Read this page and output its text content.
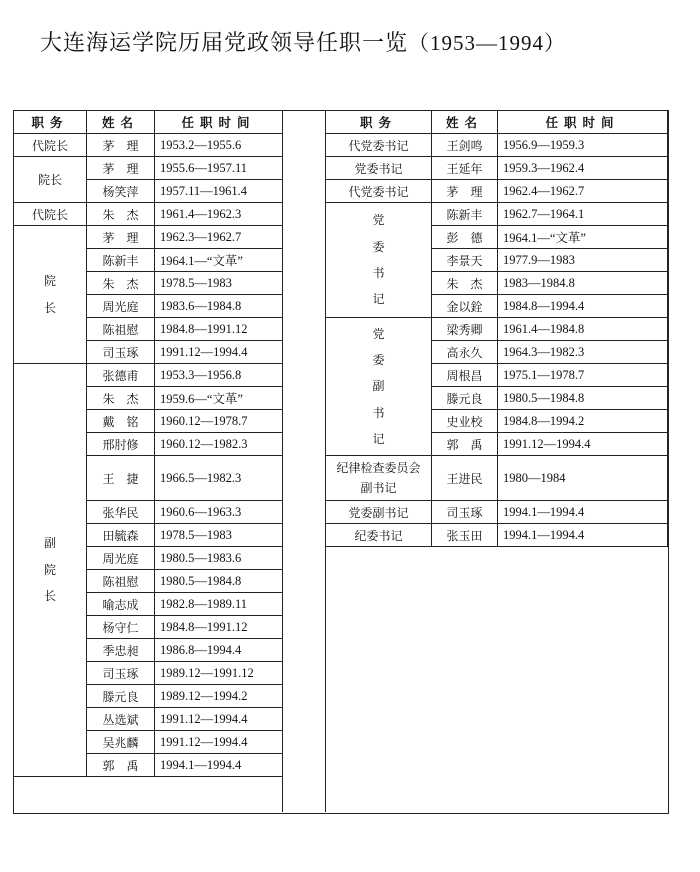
大连海运学院历届党政领导任职一览（1953—1994）
职务	姓名	任职时间
代院长	茅　理	1953.2—1955.6
院长	茅　理	1955.6—1957.11
	杨笑萍	1957.11—1961.4
代院长	朱　杰	1961.4—1962.3
院长	茅　理	1962.3—1962.7
	陈新丰	1964.1—“文革”
	朱　杰	1978.5—1983
	周光庭	1983.6—1984.8
	陈祖慰	1984.8—1991.12
	司玉琢	1991.12—1994.4
副院长	张德甫	1953.3—1956.8
	朱　杰	1959.6—“文革”
	戴　铭	1960.12—1978.7
	邢肘修	1960.12—1982.3
	王　捷	1966.5—1982.3
	张华民	1960.6—1963.3
	田毓森	1978.5—1983
	周光庭	1980.5—1983.6
	陈祖慰	1980.5—1984.8
	喻志成	1982.8—1989.11
	杨守仁	1984.8—1991.12
	季忠昶	1986.8—1994.4
	司玉琢	1989.12—1991.12
	滕元良	1989.12—1994.2
	丛选斌	1991.12—1994.4
	吴兆麟	1991.12—1994.4
	郭　禹	1994.1—1994.4
职务	姓名	任职时间
代党委书记	王剑鸣	1956.9—1959.3
党委书记	王延年	1959.3—1962.4
代党委书记	茅　理	1962.4—1962.7
党委书记	陈新丰	1962.7—1964.1
	彭　德	1964.1—“文革”
	李景天	1977.9—1983
	朱　杰	1983—1984.8
	金以銓	1984.8—1994.4
党委副书记	梁秀卿	1961.4—1984.8
	高永久	1964.3—1982.3
	周根昌	1975.1—1978.7
	滕元良	1980.5—1984.8
	史业校	1984.8—1994.2
	郭　禹	1991.12—1994.4
纪律检查委员会副书记	王进民	1980—1984
党委副书记	司玉琢	1994.1—1994.4
纪委书记	张玉田	1994.1—1994.4
